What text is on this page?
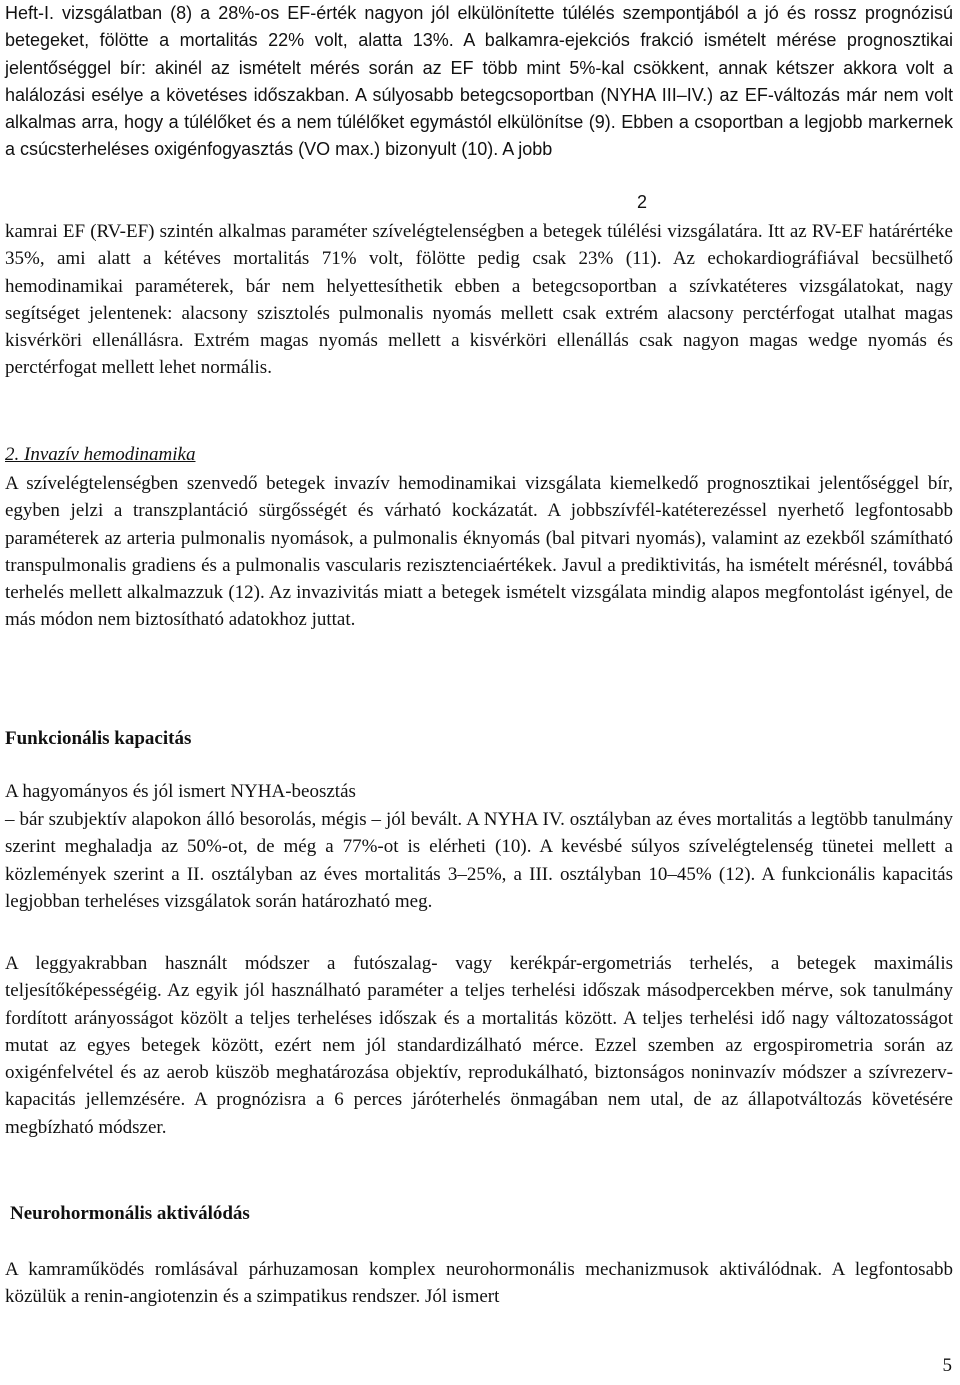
Heft-I. vizsgálatban (8) a 28%-os EF-érték nagyon jól elkülönítette túlélés szempontjából a jó és rossz prognózisú betegeket, fölötte a mortalitás 22% volt, alatta 13%. A balkamra-ejekciós frakció ismételt mérése prognosztikai jelentőséggel bír: akinél az ismételt mérés során az EF több mint 5%-kal csökkent, annak kétszer akkora volt a halálozási esélye a követéses időszakban. A súlyosabb betegcsoportban (NYHA III–IV.) az EF-változás már nem volt alkalmas arra, hogy a túlélőket és a nem túlélőket egymástól elkülönítse (9). Ebben a csoportban a legjobb markernek a csúcsterheléses oxigénfogyasztás (VO max.) bizonyult (10). A jobb

2

kamrai EF (RV-EF) szintén alkalmas paraméter szívelégtelenségben a betegek túlélési vizsgálatára. Itt az RV-EF határértéke 35%, ami alatt a kétéves mortalitás 71% volt, fölötte pedig csak 23% (11). Az echokardiográfiával becsülhető hemodinamikai paraméterek, bár nem helyettesíthetik ebben a betegcsoportban a szívkatéteres vizsgálatokat, nagy segítséget jelentenek: alacsony szisztolés pulmonalis nyomás mellett csak extrém alacsony perctérfogat utalhat magas kisvérköri ellenállásra. Extrém magas nyomás mellett a kisvérköri ellenállás csak nagyon magas wedge nyomás és perctérfogat mellett lehet normális.

2. Invazív hemodinamika

A szívelégtelenségben szenvedő betegek invazív hemodinamikai vizsgálata kiemelkedő prognosztikai jelentőséggel bír, egyben jelzi a transzplantáció sürgősségét és várható kockázatát. A jobbszívfél-katéterezéssel nyerhető legfontosabb paraméterek az arteria pulmonalis nyomások, a pulmonalis éknyomás (bal pitvari nyomás), valamint az ezekből számítható transpulmonalis gradiens és a pulmonalis vascularis rezisztenciaértékek. Javul a prediktivitás, ha ismételt mérésnél, továbbá terhelés mellett alkalmazzuk (12). Az invazivitás miatt a betegek ismételt vizsgálata mindig alapos megfontolást igényel, de más módon nem biztosítható adatokhoz juttat.

Funkcionális kapacitás

A hagyományos és jól ismert NYHA-beosztás

– bár szubjektív alapokon álló besorolás, mégis – jól bevált. A NYHA IV. osztályban az éves mortalitás a legtöbb tanulmány szerint meghaladja az 50%-ot, de még a 77%-ot is elérheti (10). A kevésbé súlyos szívelégtelenség tünetei mellett a közlemények szerint a II. osztályban az éves mortalitás 3–25%, a III. osztályban 10–45% (12). A funkcionális kapacitás legjobban terheléses vizsgálatok során határozható meg.

A leggyakrabban használt módszer a futószalag- vagy kerékpár-ergometriás terhelés, a betegek maximális teljesítőképességéig. Az egyik jól használható paraméter a teljes terhelési időszak másodpercekben mérve, sok tanulmány fordított arányosságot közölt a teljes terheléses időszak és a mortalitás között. A teljes terhelési idő nagy változatosságot mutat az egyes betegek között, ezért nem jól standardizálható mérce. Ezzel szemben az ergospirometria során az oxigénfelvétel és az aerob küszöb meghatározása objektív, reprodukálható, biztonságos noninvazív módszer a szívrezerv-kapacitás jellemzésére. A prognózisra a 6 perces járóterhelés önmagában nem utal, de az állapotváltozás követésére megbízható módszer.

Neurohormonális aktiválódás

A kamraműködés romlásával párhuzamosan komplex neurohormonális mechanizmusok aktiválódnak. A legfontosabb közülük a renin-angiotenzin és a szimpatikus rendszer. Jól ismert

5
